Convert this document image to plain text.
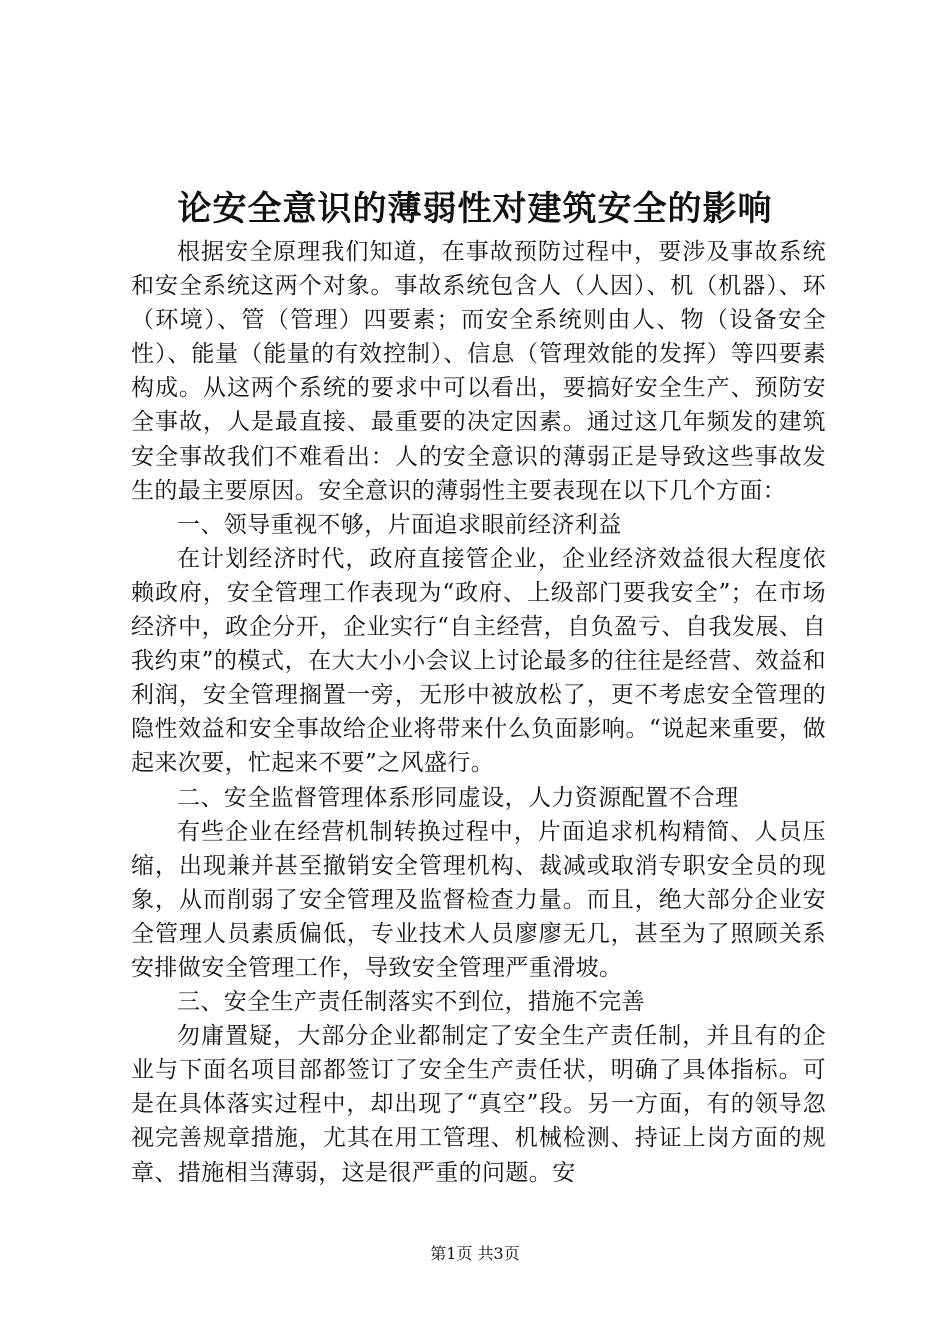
论安全意识的薄弱性对建筑安全的影响

根据安全原理我们知道，在事故预防过程中，要涉及事故系统和安全系统这两个对象。事故系统包含人（人因）、机（机器）、环（环境）、管（管理）四要素；而安全系统则由人、物（设备安全性）、能量（能量的有效控制）、信息（管理效能的发挥）等四要素构成。从这两个系统的要求中可以看出，要搞好安全生产、预防安全事故，人是最直接、最重要的决定因素。通过这几年频发的建筑安全事故我们不难看出：人的安全意识的薄弱正是导致这些事故发生的最主要原因。安全意识的薄弱性主要表现在以下几个方面：

一、领导重视不够，片面追求眼前经济利益

在计划经济时代，政府直接管企业，企业经济效益很大程度依赖政府，安全管理工作表现为“政府、上级部门要我安全”；在市场经济中，政企分开，企业实行“自主经营，自负盈亏、自我发展、自我约束”的模式，在大大小小会议上讨论最多的往往是经营、效益和利润，安全管理搁置一旁，无形中被放松了，更不考虑安全管理的隐性效益和安全事故给企业将带来什么负面影响。“说起来重要，做起来次要，忙起来不要”之风盛行。

二、安全监督管理体系形同虚设，人力资源配置不合理

有些企业在经营机制转换过程中，片面追求机构精简、人员压缩，出现兼并甚至撤销安全管理机构、裁减或取消专职安全员的现象，从而削弱了安全管理及监督检查力量。而且，绝大部分企业安全管理人员素质偏低，专业技术人员廖廖无几，甚至为了照顾关系安排做安全管理工作，导致安全管理严重滑坡。

三、安全生产责任制落实不到位，措施不完善

勿庸置疑，大部分企业都制定了安全生产责任制，并且有的企业与下面名项目部都签订了安全生产责任状，明确了具体指标。可是在具体落实过程中，却出现了“真空”段。另一方面，有的领导忽视完善规章措施，尤其在用工管理、机械检测、持证上岗方面的规章、措施相当薄弱，这是很严重的问题。安

第1页 共3页
